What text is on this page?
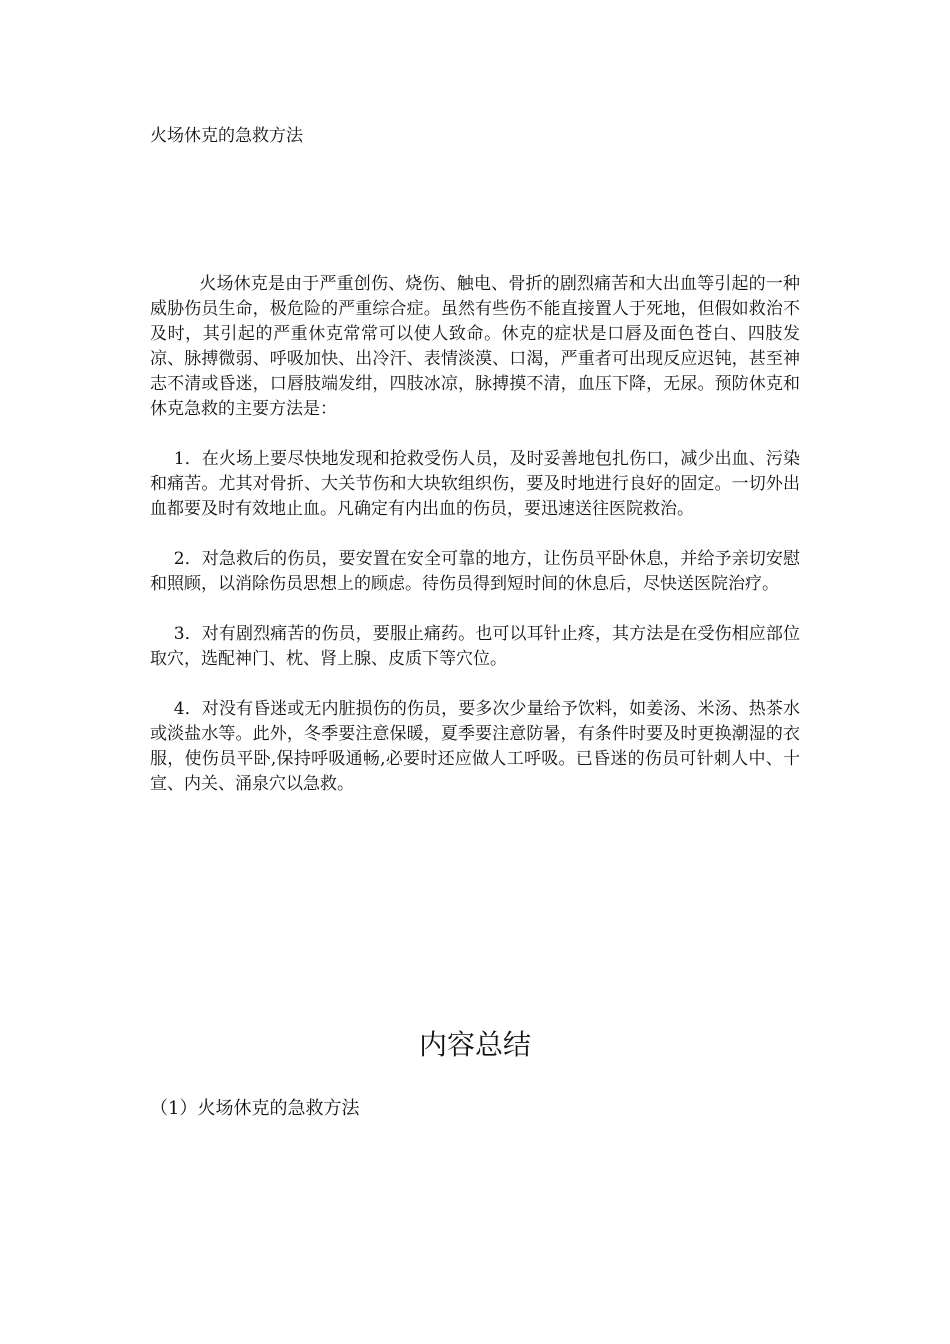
火场休克的急救方法

火场休克是由于严重创伤、烧伤、触电、骨折的剧烈痛苦和大出血等引起的一种威胁伤员生命，极危险的严重综合症。虽然有些伤不能直接置人于死地，但假如救治不及时，其引起的严重休克常常可以使人致命。休克的症状是口唇及面色苍白、四肢发凉、脉搏微弱、呼吸加快、出冷汗、表情淡漠、口渴，严重者可出现反应迟钝，甚至神志不清或昏迷，口唇肢端发绀，四肢冰凉，脉搏摸不清，血压下降，无尿。预防休克和休克急救的主要方法是：

1．在火场上要尽快地发现和抢救受伤人员，及时妥善地包扎伤口，减少出血、污染和痛苦。尤其对骨折、大关节伤和大块软组织伤，要及时地进行良好的固定。一切外出血都要及时有效地止血。凡确定有内出血的伤员，要迅速送往医院救治。

2．对急救后的伤员，要安置在安全可靠的地方，让伤员平卧休息，并给予亲切安慰和照顾，以消除伤员思想上的顾虑。待伤员得到短时间的休息后，尽快送医院治疗。

3．对有剧烈痛苦的伤员，要服止痛药。也可以耳针止疼，其方法是在受伤相应部位取穴，选配神门、枕、肾上腺、皮质下等穴位。

4．对没有昏迷或无内脏损伤的伤员，要多次少量给予饮料，如姜汤、米汤、热茶水或淡盐水等。此外，冬季要注意保暖，夏季要注意防暑，有条件时要及时更换潮湿的衣服，使伤员平卧,保持呼吸通畅,必要时还应做人工呼吸。已昏迷的伤员可针刺人中、十宣、内关、涌泉穴以急救。

内容总结
（1）火场休克的急救方法
